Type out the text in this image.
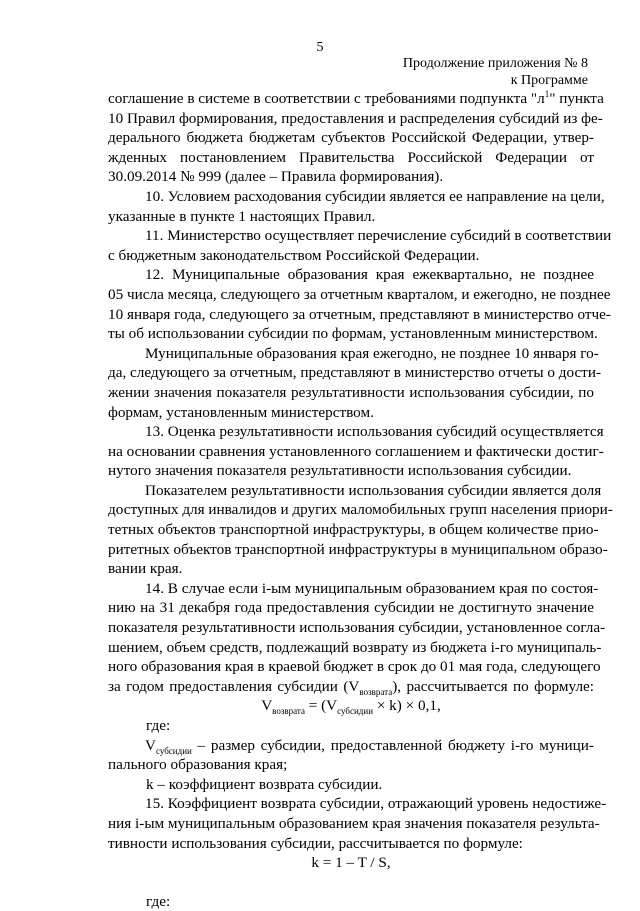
5
Продолжение приложения № 8
к Программе
соглашение в системе в соответствии с требованиями подпункта "$л^1$" пункта
10 Правил формирования, предоставления и распределения субсидий из фе-
дерального бюджета бюджетам субъектов Российской Федерации, утвер-
жденных постановлением Правительства Российской Федерации от
30.09.2014 № 999 (далее – Правила формирования).
10. Условием расходования субсидии является ее направление на цели,
указанные в пункте 1 настоящих Правил.
11. Министерство осуществляет перечисление субсидий в соответствии
с бюджетным законодательством Российской Федерации.
12. Муниципальные образования края ежеквартально, не позднее
05 числа месяца, следующего за отчетным кварталом, и ежегодно, не позднее
10 января года, следующего за отчетным, представляют в министерство отче-
ты об использовании субсидии по формам, установленным министерством.
Муниципальные образования края ежегодно, не позднее 10 января го-
да, следующего за отчетным, представляют в министерство отчеты о дости-
жении значения показателя результативности использования субсидии, по
формам, установленным министерством.
13. Оценка результативности использования субсидий осуществляется
на основании сравнения установленного соглашением и фактически достиг-
нутого значения показателя результативности использования субсидии.
Показателем результативности использования субсидии является доля
доступных для инвалидов и других маломобильных групп населения приори-
тетных объектов транспортной инфраструктуры, в общем количестве прио-
ритетных объектов транспортной инфраструктуры в муниципальном образо-
вании края.
14. В случае если i-ым муниципальным образованием края по состоя-
нию на 31 декабря года предоставления субсидии не достигнуто значение
показателя результативности использования субсидии, установленное согла-
шением, объем средств, подлежащий возврату из бюджета i-го муниципаль-
ного образования края в краевой бюджет в срок до 01 мая года, следующего
за годом предоставления субсидии $(V_{возврата})$, рассчитывается по формуле:
$V_{возврата} = (V_{субсидии} \times k) \times 0,1$,
где:
$V_{субсидии}$ – размер субсидии, предоставленной бюджету i-го муници-
пального образования края;
k – коэффициент возврата субсидии.
15. Коэффициент возврата субсидии, отражающий уровень недостиже-
ния i-ым муниципальным образованием края значения показателя результа-
тивности использования субсидии, рассчитывается по формуле:
k = 1 – T / S,
где:
